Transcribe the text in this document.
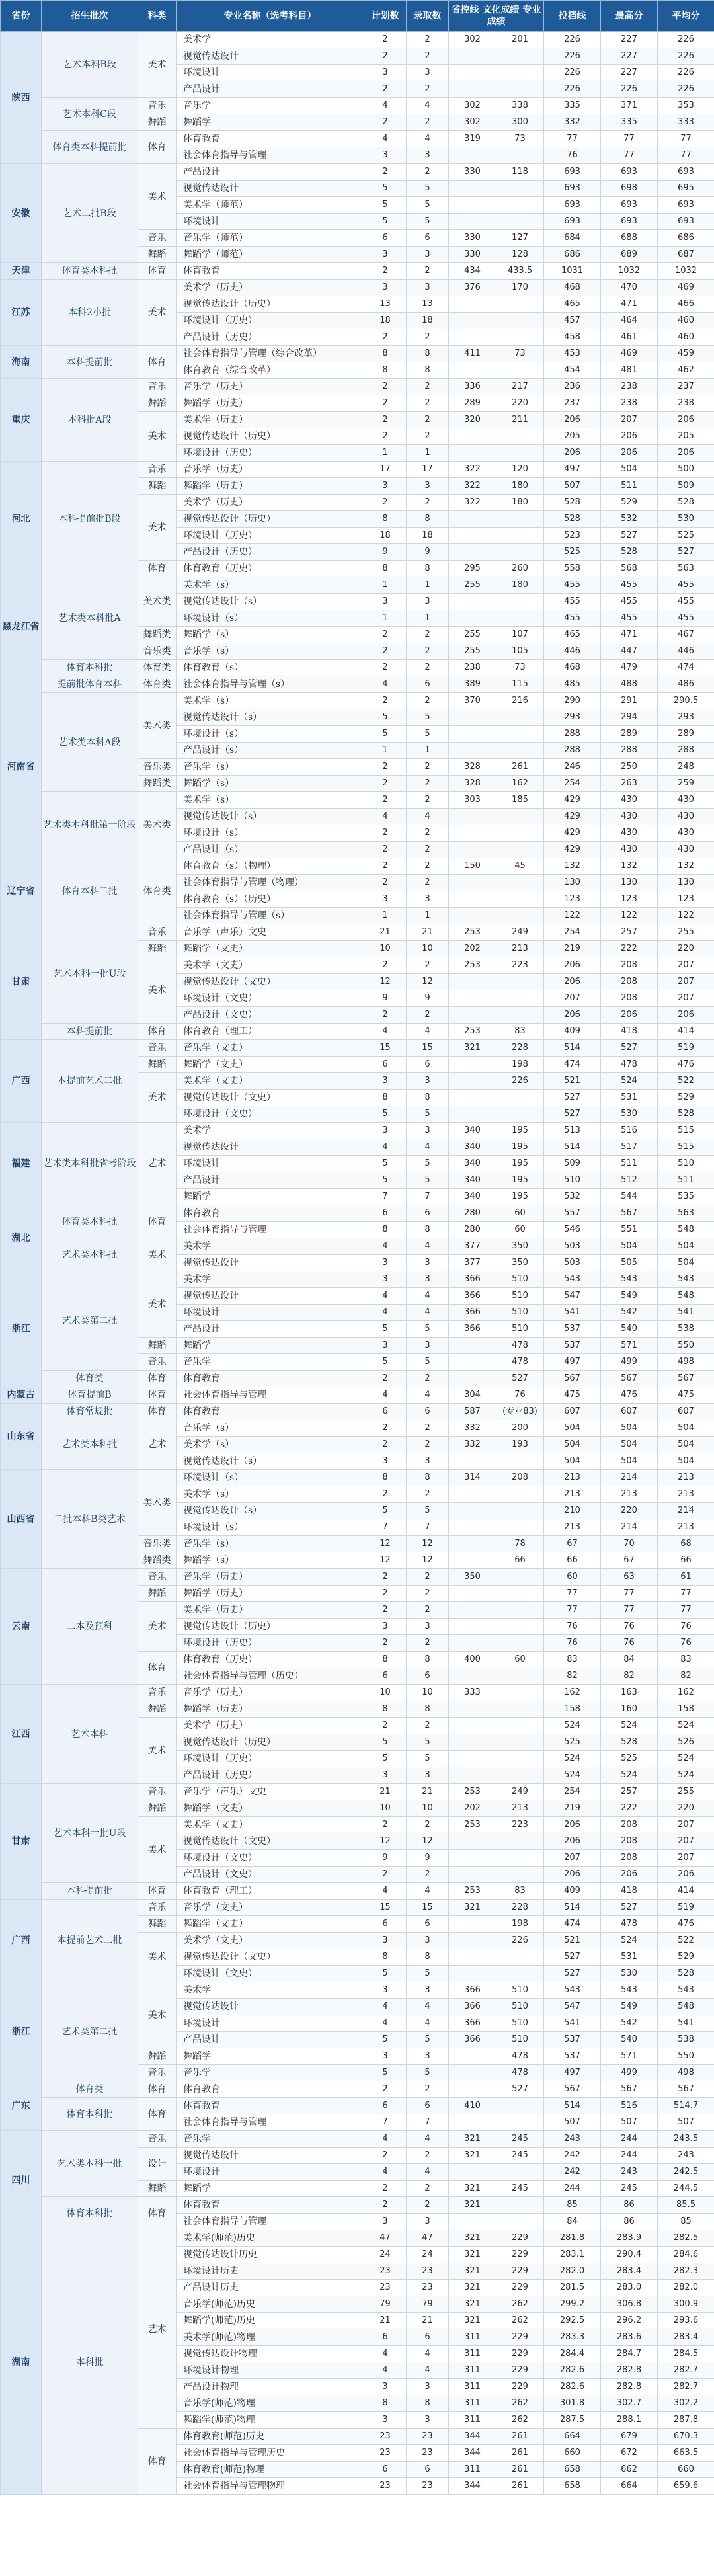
省份	招生批次	科类	专业名称（选考科目）	计划数	录取数	省控线 文化成绩 专业成绩		投档线	最高分	平均分
陕西	艺术本科B段	美术	美术学	2	2	302	201	226	227	226
			视觉传达设计	2	2			226	227	226
			环境设计	3	3			226	227	226
			产品设计	2	2			226	226	226
	艺术本科C段	音乐	音乐学	4	4	302	338	335	371	353
		舞蹈	舞蹈学	2	2	302	300	332	335	333
	体育类本科提前批	体育	体育教育	4	4	319	73	77	77	77
			社会体育指导与管理	3	3			76	77	77
安徽	艺术二批B段	美术	产品设计	2	2	330	118	693	693	693
			视觉传达设计	5	5			693	698	695
			美术学（师范）	5	5			693	693	693
			环境设计	5	5			693	693	693
		音乐	音乐学（师范）	6	6	330	127	684	688	686
		舞蹈	舞蹈学（师范）	3	3	330	128	686	689	687
天津	体育类本科批	体育	体育教育	2	2	434	433.5	1031	1032	1032
江苏	本科2小批	美术	美术学（历史）	3	3	376	170	468	470	469
			视觉传达设计（历史）	13	13			465	471	466
			环境设计（历史）	18	18			457	464	460
			产品设计（历史）	2	2			458	461	460
海南	本科提前批	体育	社会体育指导与管理（综合改革）	8	8	411	73	453	469	459
			体育教育（综合改革）	8	8			454	481	462
重庆	本科批A段	音乐	音乐学（历史）	2	2	336	217	236	238	237
		舞蹈	舞蹈学（历史）	2	2	289	220	237	238	238
		美术	美术学（历史）	2	2	320	211	206	207	206
			视觉传达设计（历史）	2	2			205	206	205
			环境设计（历史）	1	1			206	206	206
河北	本科提前批B段	音乐	音乐学（历史）	17	17	322	120	497	504	500
		舞蹈	舞蹈学（历史）	3	3	322	180	507	511	509
		美术	美术学（历史）	2	2	322	180	528	529	528
			视觉传达设计（历史）	8	8			528	532	530
			环境设计（历史）	18	18			523	527	525
			产品设计（历史）	9	9			525	528	527
		体育	体育教育（历史）	8	8	295	260	558	568	563
黑龙江省	艺术类本科批A	美术类	美术学（s）	1	1	255	180	455	455	455
			视觉传达设计（s）	3	3			455	455	455
			环境设计（s）	1	1			455	455	455
		舞蹈类	舞蹈学（s）	2	2	255	107	465	471	467
		音乐类	音乐学（s）	2	2	255	105	446	447	446
	体育本科批	体育类	体育教育（s）	2	2	238	73	468	479	474
河南省	提前批体育本科	体育类	社会体育指导与管理（s）	4	6	389	115	485	488	486
	艺术类本科A段	美术类	美术学（s）	2	2	370	216	290	291	290.5
			视觉传达设计（s）	5	5			293	294	293
			环境设计（s）	5	5			288	289	289
			产品设计（s）	1	1			288	288	288
		音乐类	音乐学（s）	2	2	328	261	246	250	248
		舞蹈类	舞蹈学（s）	2	2	328	162	254	263	259
	艺术类本科批第一阶段	美术类	美术学（s）	2	2	303	185	429	430	430
			视觉传达设计（s）	4	4			429	430	430
			环境设计（s）	2	2			429	430	430
			产品设计（s）	2	2			429	430	430
辽宁省	体育本科二批	体育类	体育教育（s）（物理）	2	2	150	45	132	132	132
			社会体育指导与管理（物理）	2	2			130	130	130
			体育教育（s）（历史）	3	3			123	123	123
			社会体育指导与管理（s）	1	1			122	122	122
甘肃	艺术本科一批U段	音乐	音乐学（声乐）文史	21	21	253	249	254	257	255
		舞蹈	舞蹈学（文史）	10	10	202	213	219	222	220
		美术	美术学（文史）	2	2	253	223	206	208	207
			视觉传达设计（文史）	12	12			206	208	207
			环境设计（文史）	9	9			207	208	207
			产品设计（文史）	2	2			206	206	206
	本科提前批	体育	体育教育（理工）	4	4	253	83	409	418	414
广西	本提前艺术二批	音乐	音乐学（文史）	15	15	321	228	514	527	519
		舞蹈	舞蹈学（文史）	6	6		198	474	478	476
		美术	美术学（文史）	3	3		226	521	524	522
			视觉传达设计（文史）	8	8			527	531	529
			环境设计（文史）	5	5			527	530	528
福建	艺术类本科批省考阶段	艺术	美术学	3	3	340	195	513	516	515
			视觉传达设计	4	4	340	195	514	517	515
			环境设计	5	5	340	195	509	511	510
			产品设计	5	5	340	195	510	512	511
			舞蹈学	7	7	340	195	532	544	535
湖北	体育类本科批	体育	体育教育	6	6	280	60	557	567	563
			社会体育指导与管理	8	8	280	60	546	551	548
	艺术类本科批	美术	美术学	4	4	377	350	503	504	504
			视觉传达设计	3	3	377	350	503	505	504
浙江	艺术类第二批	美术	美术学	3	3	366	510	543	543	543
			视觉传达设计	4	4	366	510	547	549	548
			环境设计	4	4	366	510	541	542	541
			产品设计	5	5	366	510	537	540	538
		舞蹈	舞蹈学	3	3		478	537	571	550
		音乐	音乐学	5	5		478	497	499	498
	体育类	体育	体育教育	2	2		527	567	567	567
内蒙古	体育提前B	体育	社会体育指导与管理	4	4	304	76	475	476	475
山东省	体育常规批	体育	体育教育	6	6	587	(专业83)	607	607	607
	艺术类本科批	艺术	音乐学（s）	2	2	332	200	504	504	504
			美术学（s）	2	2	332	193	504	504	504
			视觉传达设计（s）	3	3			504	504	504
山西省	二批本科B类艺术	美术类	环境设计（s）	8	8	314	208	213	214	213
			美术学（s）	2	2			213	213	213
			视觉传达设计（s）	5	5			210	220	214
			环境设计（s）	7	7			213	214	213
		音乐类	音乐学（s）	12	12		78	67	70	68
		舞蹈类	舞蹈学（s）	12	12		66	66	67	66
云南	二本及预科	音乐	音乐学（历史）	2	2	350		60	63	61
		舞蹈	舞蹈学（历史）	2	2			77	77	77
		美术	美术学（历史）	2	2			77	77	77
			视觉传达设计（历史）	3	3			76	76	76
			环境设计（历史）	2	2			76	76	76
		体育	体育教育（历史）	8	8	400	60	83	84	83
			社会体育指导与管理（历史）	6	6			82	82	82
江西	艺术本科	音乐	音乐学（历史）	10	10	333		162	163	162
		舞蹈	舞蹈学（历史）	8	8			158	160	158
		美术	美术学（历史）	2	2			524	524	524
			视觉传达设计（历史）	5	5			525	528	526
			环境设计（历史）	5	5			524	525	524
			产品设计（历史）	3	3			524	524	524
甘肃	艺术本科一批U段	音乐	音乐学（声乐）文史	21	21	253	249	254	257	255
		舞蹈	舞蹈学（文史）	10	10	202	213	219	222	220
		美术	美术学（文史）	2	2	253	223	206	208	207
			视觉传达设计（文史）	12	12			206	208	207
			环境设计（文史）	9	9			207	208	207
			产品设计（文史）	2	2			206	206	206
	本科提前批	体育	体育教育（理工）	4	4	253	83	409	418	414
广西	本提前艺术二批	音乐	音乐学（文史）	15	15	321	228	514	527	519
		舞蹈	舞蹈学（文史）	6	6		198	474	478	476
		美术	美术学（文史）	3	3		226	521	524	522
			视觉传达设计（文史）	8	8			527	531	529
			环境设计（文史）	5	5			527	530	528
浙江	艺术类第二批	美术	美术学	3	3	366	510	543	543	543
			视觉传达设计	4	4	366	510	547	549	548
			环境设计	4	4	366	510	541	542	541
			产品设计	5	5	366	510	537	540	538
		舞蹈	舞蹈学	3	3		478	537	571	550
		音乐	音乐学	5	5		478	497	499	498
广东	体育类	体育	体育教育	2	2		527	567	567	567
	体育本科批	体育	体育教育	6	6	410		514	516	514.7
			社会体育指导与管理	7	7			507	507	507
四川	艺术类本科一批	音乐	音乐学	4	4	321	245	243	244	243.5
		设计	视觉传达设计	2	2	321	245	242	244	243
			环境设计	4	4			242	243	242.5
		舞蹈	舞蹈学	2	2	321	245	244	245	244.5
	体育本科批	体育	体育教育	2	2	321		85	86	85.5
			社会体育指导与管理	3	3			84	86	85
湖南	本科批	艺术	美术学(师范)历史	47	47	321	229	281.8	283.9	282.5
			视觉传达设计历史	24	24	321	229	283.1	290.4	284.6
			环境设计历史	23	23	321	229	282.0	283.4	282.3
			产品设计历史	23	23	321	229	281.5	283.0	282.0
			音乐学(师范)历史	79	79	321	262	299.2	306.8	300.9
			舞蹈学(师范)历史	21	21	321	262	292.5	296.2	293.6
			美术学(师范)物理	6	6	311	229	283.3	283.6	283.4
			视觉传达设计物理	4	4	311	229	284.4	284.7	284.5
			环境设计物理	4	4	311	229	282.6	282.8	282.7
			产品设计物理	3	3	311	229	282.6	282.8	282.7
			音乐学(师范)物理	8	8	311	262	301.8	302.7	302.2
			舞蹈学(师范)物理	3	3	311	262	287.5	288.1	287.8
		体育	体育教育(师范)历史	23	23	344	261	664	679	670.3
			社会体育指导与管理历史	23	23	344	261	660	672	663.5
			体育教育(师范)物理	6	6	311	261	658	662	660
			社会体育指导与管理物理	23	23	344	261	658	664	659.6
